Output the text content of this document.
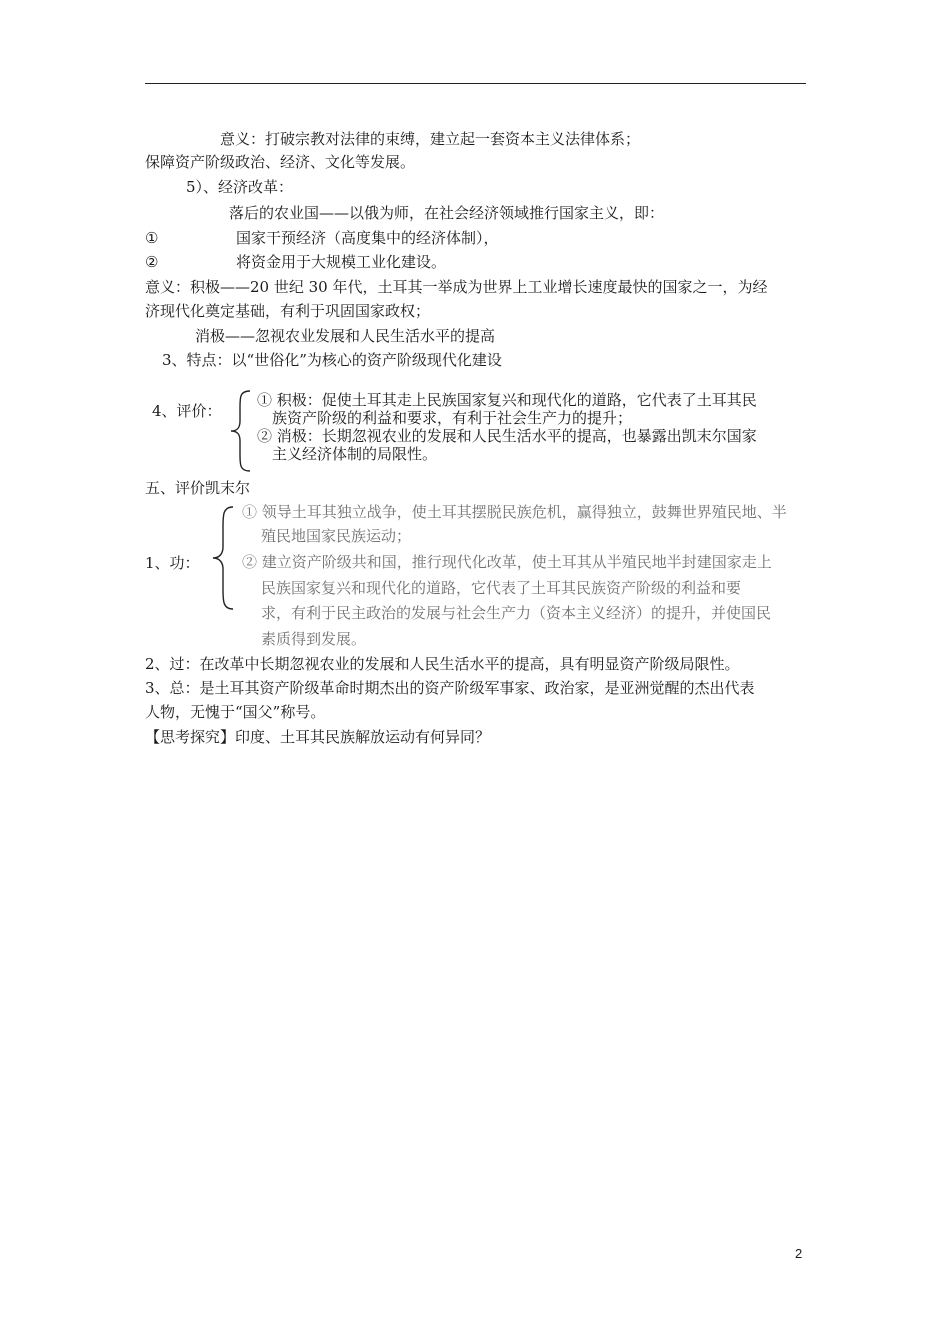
意义：打破宗教对法律的束缚，建立起一套资本主义法律体系；
保障资产阶级政治、经济、文化等发展。
5）、经济改革：
落后的农业国——以俄为师，在社会经济领域推行国家主义，即：
①	国家干预经济（高度集中的经济体制），
②	将资金用于大规模工业化建设。
意义：积极——20 世纪 30 年代，土耳其一举成为世界上工业增长速度最快的国家之一，为经
济现代化奠定基础，有利于巩固国家政权；
消极——忽视农业发展和人民生活水平的提高
3、特点：以“世俗化”为核心的资产阶级现代化建设
4、评价：
① 积极：促使土耳其走上民族国家复兴和现代化的道路，它代表了土耳其民
族资产阶级的利益和要求，有利于社会生产力的提升；
② 消极：长期忽视农业的发展和人民生活水平的提高，也暴露出凯末尔国家
主义经济体制的局限性。
五、评价凯末尔
1、功：
① 领导土耳其独立战争，使土耳其摆脱民族危机，赢得独立，鼓舞世界殖民地、半
殖民地国家民族运动；
② 建立资产阶级共和国，推行现代化改革，使土耳其从半殖民地半封建国家走上
民族国家复兴和现代化的道路，它代表了土耳其民族资产阶级的利益和要
求，有利于民主政治的发展与社会生产力（资本主义经济）的提升，并使国民
素质得到发展。
2、过：在改革中长期忽视农业的发展和人民生活水平的提高，具有明显资产阶级局限性。
3、总：是土耳其资产阶级革命时期杰出的资产阶级军事家、政治家，是亚洲觉醒的杰出代表
人物，无愧于“国父”称号。
【思考探究】印度、土耳其民族解放运动有何异同？
2
